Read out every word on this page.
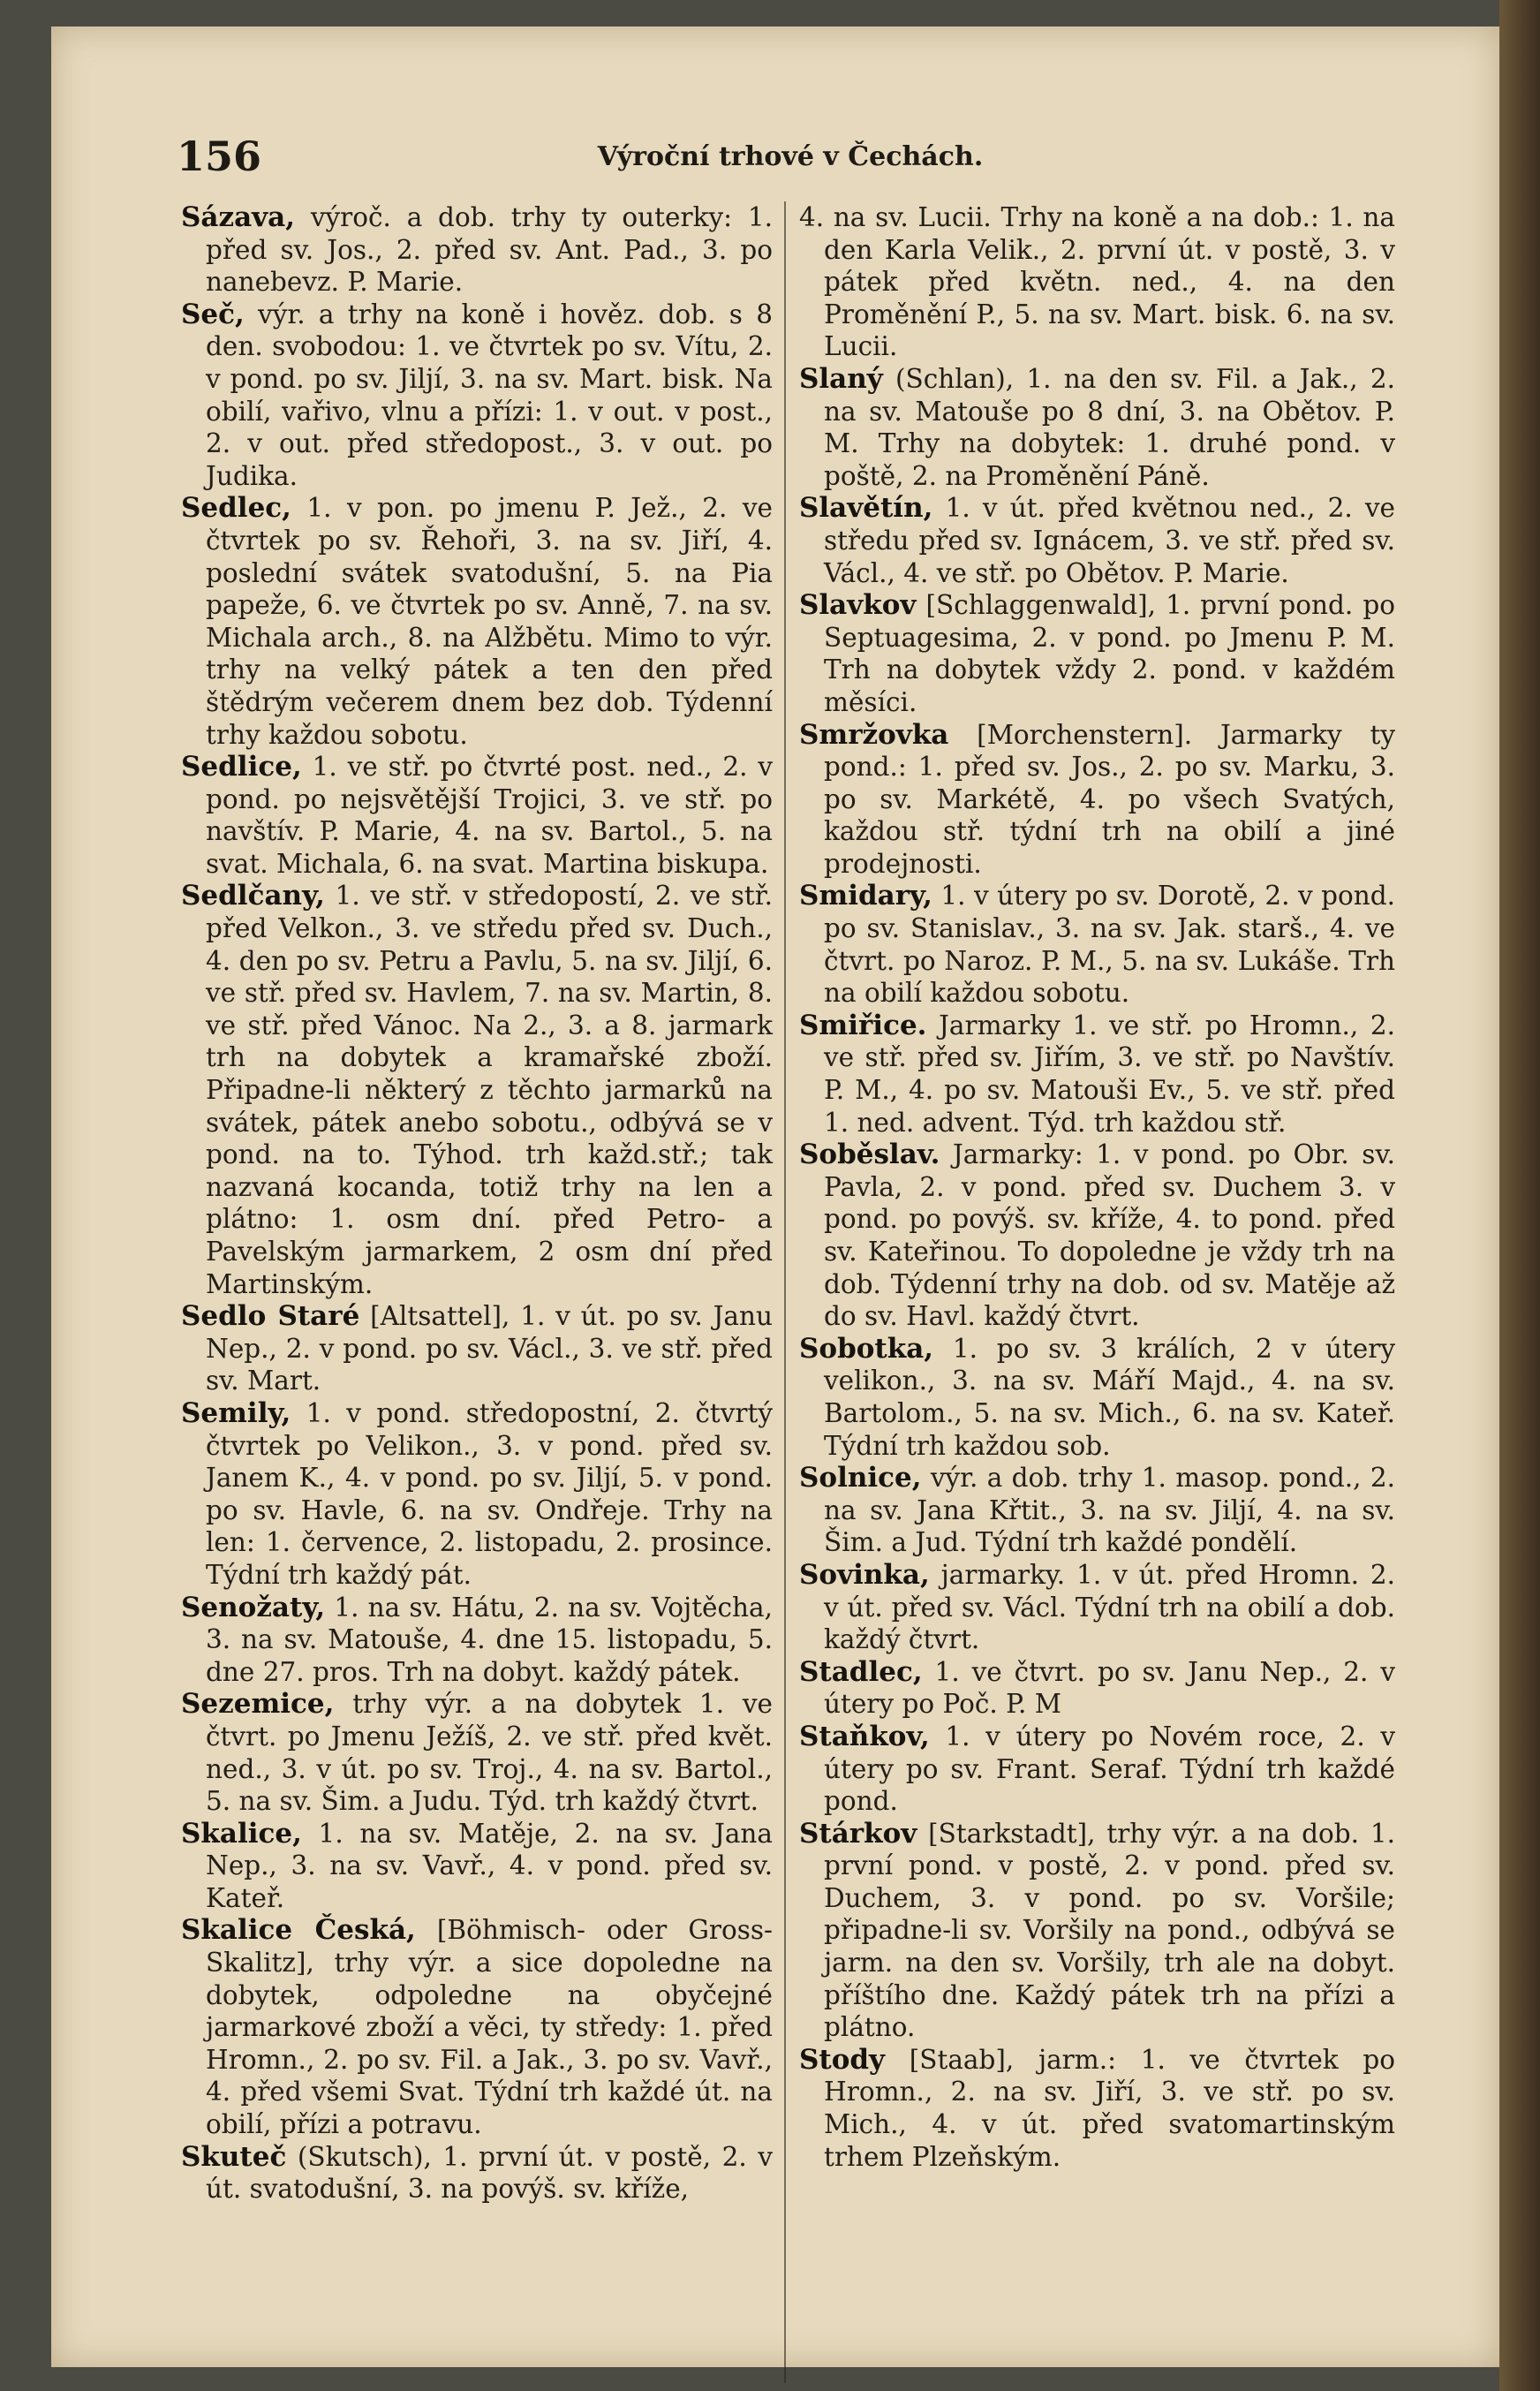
156	Výroční trhové v Čechách.

Sázava, výroč. a dob. trhy ty outerky: 1. před sv. Jos., 2. před sv. Ant. Pad., 3. po nanebevz. P. Marie.

Seč, výr. a trhy na koně i hověz. dob. s 8 den. svobodou: 1. ve čtvrtek po sv. Vítu, 2. v pond. po sv. Jiljí, 3. na sv. Mart. bisk. Na obilí, vařivo, vlnu a přízi: 1. v out. v post., 2. v out. před středopost., 3. v out. po Judika.

Sedlec, 1. v pon. po jmenu P. Jež., 2. ve čtvrtek po sv. Řehoři, 3. na sv. Jiří, 4. poslední svátek svatodušní, 5. na Pia papeže, 6. ve čtvrtek po sv. Anně, 7. na sv. Michala arch., 8. na Alžbětu. Mimo to výr. trhy na velký pátek a ten den před štědrým večerem dnem bez dob. Týdenní trhy každou sobotu.

Sedlice, 1. ve stř. po čtvrté post. ned., 2. v pond. po nejsvětější Trojici, 3. ve stř. po navštív. P. Marie, 4. na sv. Bartol., 5. na svat. Michala, 6. na svat. Martina biskupa.

Sedlčany, 1. ve stř. v středopostí, 2. ve stř. před Velkon., 3. ve středu před sv. Duch., 4. den po sv. Petru a Pavlu, 5. na sv. Jiljí, 6. ve stř. před sv. Havlem, 7. na sv. Martin, 8. ve stř. před Vánoc. Na 2., 3. a 8. jarmark trh na dobytek a kramařské zboží. Připadne-li některý z těchto jarmarků na svátek, pátek anebo sobotu., odbývá se v pond. na to. Týhod. trh každ.stř.; tak nazvaná kocanda, totiž trhy na len a plátno: 1. osm dní. před Petro- a Pavelským jarmarkem, 2 osm dní před Martinským.

Sedlo Staré [Altsattel], 1. v út. po sv. Janu Nep., 2. v pond. po sv. Václ., 3. ve stř. před sv. Mart.

Semily, 1. v pond. středopostní, 2. čtvrtý čtvrtek po Velikon., 3. v pond. před sv. Janem K., 4. v pond. po sv. Jiljí, 5. v pond. po sv. Havle, 6. na sv. Ondřeje. Trhy na len: 1. července, 2. listopadu, 2. prosince. Týdní trh každý pát.

Senožaty, 1. na sv. Hátu, 2. na sv. Vojtěcha, 3. na sv. Matouše, 4. dne 15. listopadu, 5. dne 27. pros. Trh na dobyt. každý pátek.

Sezemice, trhy výr. a na dobytek 1. ve čtvrt. po Jmenu Ježíš, 2. ve stř. před květ. ned., 3. v út. po sv. Troj., 4. na sv. Bartol., 5. na sv. Šim. a Judu. Týd. trh každý čtvrt.

Skalice, 1. na sv. Matěje, 2. na sv. Jana Nep., 3. na sv. Vavř., 4. v pond. před sv. Kateř.

Skalice Česká, [Böhmisch- oder Gross-Skalitz], trhy výr. a sice dopoledne na dobytek, odpoledne na obyčejné jarmarkové zboží a věci, ty středy: 1. před Hromn., 2. po sv. Fil. a Jak., 3. po sv. Vavř., 4. před všemi Svat. Týdní trh každé út. na obilí, přízi a potravu.

Skuteč (Skutsch), 1. první út. v postě, 2. v út. svatodušní, 3. na povýš. sv. kříže,

4. na sv. Lucii. Trhy na koně a na dob.: 1. na den Karla Velik., 2. první út. v postě, 3. v pátek před květn. ned., 4. na den Proměnění P., 5. na sv. Mart. bisk. 6. na sv. Lucii.

Slaný (Schlan), 1. na den sv. Fil. a Jak., 2. na sv. Matouše po 8 dní, 3. na Obětov. P. M. Trhy na dobytek: 1. druhé pond. v poště, 2. na Proměnění Páně.

Slavětín, 1. v út. před květnou ned., 2. ve středu před sv. Ignácem, 3. ve stř. před sv. Václ., 4. ve stř. po Obětov. P. Marie.

Slavkov [Schlaggenwald], 1. první pond. po Septuagesima, 2. v pond. po Jmenu P. M. Trh na dobytek vždy 2. pond. v každém měsíci.

Smržovka [Morchenstern]. Jarmarky ty pond.: 1. před sv. Jos., 2. po sv. Marku, 3. po sv. Markétě, 4. po všech Svatých, každou stř. týdní trh na obilí a jiné prodejnosti.

Smidary, 1. v útery po sv. Dorotě, 2. v pond. po sv. Stanislav., 3. na sv. Jak. starš., 4. ve čtvrt. po Naroz. P. M., 5. na sv. Lukáše. Trh na obilí každou sobotu.

Smiřice. Jarmarky 1. ve stř. po Hromn., 2. ve stř. před sv. Jiřím, 3. ve stř. po Navštív. P. M., 4. po sv. Matouši Ev., 5. ve stř. před 1. ned. advent. Týd. trh každou stř.

Soběslav. Jarmarky: 1. v pond. po Obr. sv. Pavla, 2. v pond. před sv. Duchem 3. v pond. po povýš. sv. kříže, 4. to pond. před sv. Kateřinou. To dopoledne je vždy trh na dob. Týdenní trhy na dob. od sv. Matěje až do sv. Havl. každý čtvrt.

Sobotka, 1. po sv. 3 králích, 2 v útery velikon., 3. na sv. Máří Majd., 4. na sv. Bartolom., 5. na sv. Mich., 6. na sv. Kateř. Týdní trh každou sob.

Solnice, výr. a dob. trhy 1. masop. pond., 2. na sv. Jana Křtit., 3. na sv. Jiljí, 4. na sv. Šim. a Jud. Týdní trh každé pondělí.

Sovinka, jarmarky. 1. v út. před Hromn. 2. v út. před sv. Václ. Týdní trh na obilí a dob. každý čtvrt.

Stadlec, 1. ve čtvrt. po sv. Janu Nep., 2. v útery po Poč. P. M

Staňkov, 1. v útery po Novém roce, 2. v útery po sv. Frant. Seraf. Týdní trh každé pond.

Stárkov [Starkstadt], trhy výr. a na dob. 1. první pond. v postě, 2. v pond. před sv. Duchem, 3. v pond. po sv. Voršile; připadne-li sv. Voršily na pond., odbývá se jarm. na den sv. Voršily, trh ale na dobyt. příštího dne. Každý pátek trh na přízi a plátno.

Stody [Staab], jarm.: 1. ve čtvrtek po Hromn., 2. na sv. Jiří, 3. ve stř. po sv. Mich., 4. v út. před svatomartinským trhem Plzeňským.
